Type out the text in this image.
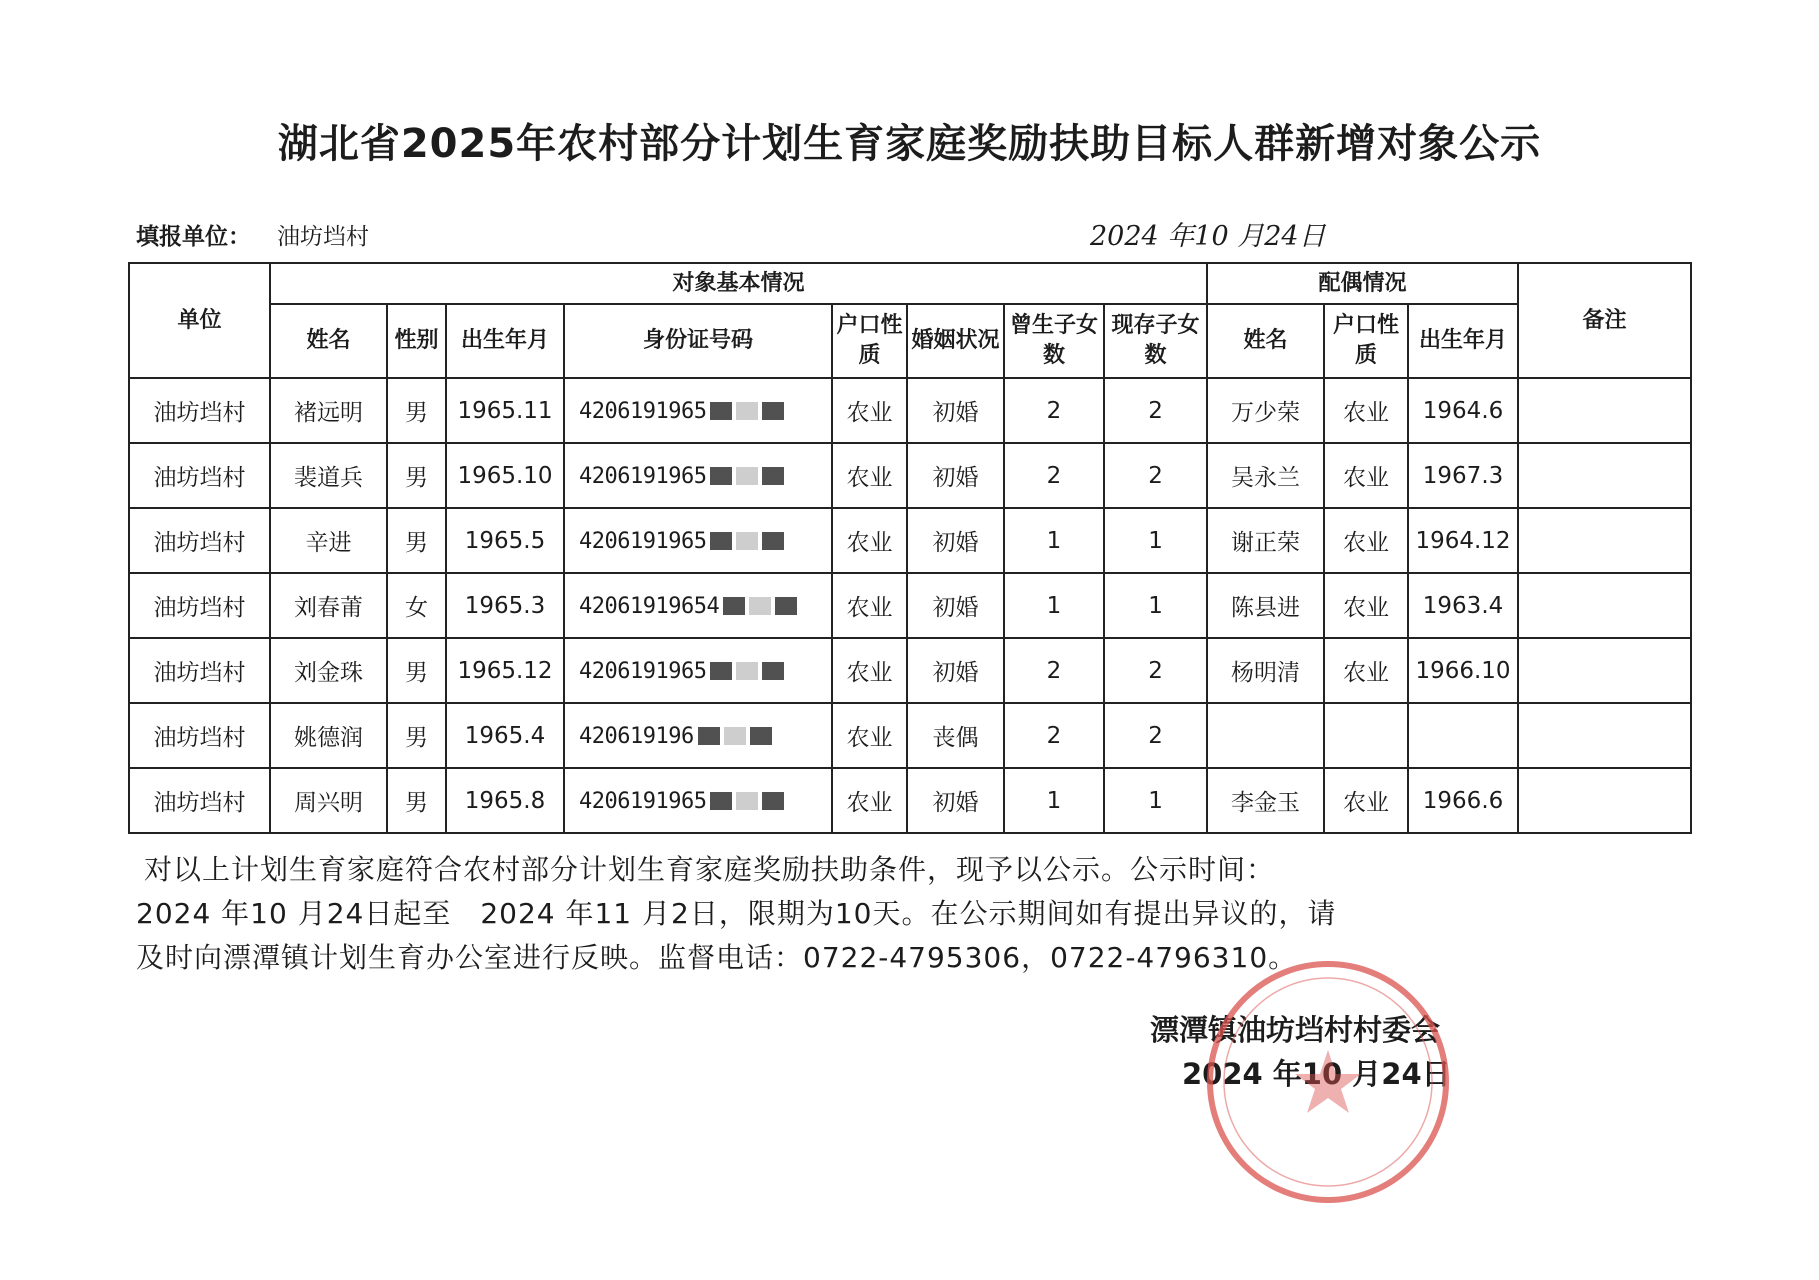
湖北省2025年农村部分计划生育家庭奖励扶助目标人群新增对象公示
填报单位： 油坊垱村	2024 年10 月24日
单位	对象基本情况								配偶情况			备注
	姓名	性别	出生年月	身份证号码	户口性质	婚姻状况	曾生子女数	现存子女数	姓名	户口性质	出生年月	
油坊垱村	褚远明	男	1965.11	4206191965	农业	初婚	2	2	万少荣	农业	1964.6	
油坊垱村	裴道兵	男	1965.10	4206191965	农业	初婚	2	2	吴永兰	农业	1967.3	
油坊垱村	辛进	男	1965.5	4206191965	农业	初婚	1	1	谢正荣	农业	1964.12	
油坊垱村	刘春莆	女	1965.3	42061919654	农业	初婚	1	1	陈县进	农业	1963.4	
油坊垱村	刘金珠	男	1965.12	4206191965	农业	初婚	2	2	杨明清	农业	1966.10	
油坊垱村	姚德润	男	1965.4	420619196	农业	丧偶	2	2				
油坊垱村	周兴明	男	1965.8	4206191965	农业	初婚	1	1	李金玉	农业	1966.6	
对以上计划生育家庭符合农村部分计划生育家庭奖励扶助条件，现予以公示。公示时间：
2024 年10 月24日起至　2024 年11 月2日，限期为10天。在公示期间如有提出异议的，请
及时向漂潭镇计划生育办公室进行反映。监督电话：0722-4795306，0722-4796310。
漂潭镇油坊垱村村委会
2024 年10 月24日
